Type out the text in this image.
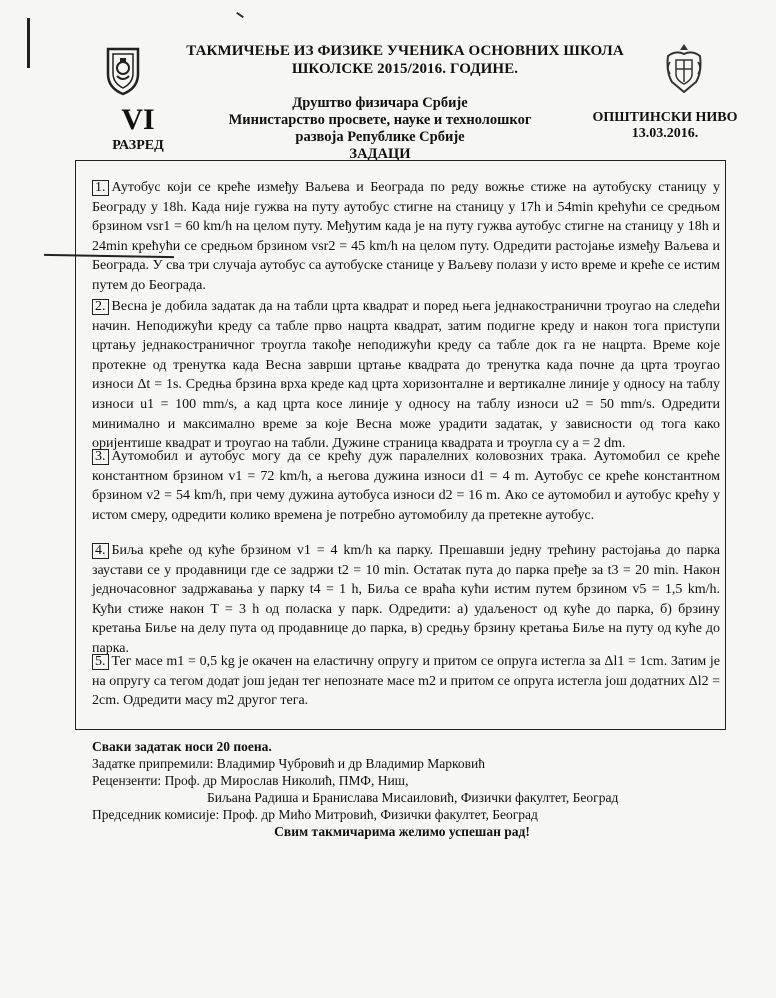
ТАКМИЧЕЊЕ ИЗ ФИЗИКЕ УЧЕНИКА ОСНОВНИХ ШКОЛА
ШКОЛСКЕ 2015/2016. ГОДИНЕ.
VI
РАЗРЕД
Друштво физичара Србије
Министарство просвете, науке и технолошког
развоја Републике Србије
ЗАДАЦИ
ОПШТИНСКИ НИВО
13.03.2016.
1. Аутобус који се креће између Ваљева и Београда по реду вожње стиже на аутобуску станицу у Београду у 18h. Када није гужва на путу аутобус стигне на станицу у 17h и 54min крећући се средњом брзином vsr1 = 60 km/h на целом путу. Међутим када је на путу гужва аутобус стигне на станицу у 18h и 24min крећући се средњом брзином vsr2 = 45 km/h на целом путу. Одредити растојање између Ваљева и Београда. У сва три случаја аутобус са аутобуске станице у Ваљеву полази у исто време и креће се истим путем до Београда.
2. Весна је добила задатак да на табли црта квадрат и поред њега једнакостранични троугао на следећи начин. Неподижући креду са табле прво нацрта квадрат, затим подигне креду и након тога приступи цртању једнакостраничног троугла такође неподижући креду са табле док га не нацрта. Време које протекне од тренутка када Весна заврши цртање квадрата до тренутка када почне да црта троугао износи Δt = 1s. Средња брзина врха креде кад црта хоризонталне и вертикалне линије у односу на таблу износи u1 = 100 mm/s, а кад црта косе линије у односу на таблу износи u2 = 50 mm/s. Одредити минимално и максимално време за које Весна може урадити задатак, у зависности од тога како оријентише квадрат и троугао на табли. Дужине страница квадрата и троугла су a = 2 dm.
3. Аутомобил и аутобус могу да се крећу дуж паралелних коловозних трака. Аутомобил се креће константном брзином v1 = 72 km/h, а његова дужина износи d1 = 4 m. Аутобус се креће константном брзином v2 = 54 km/h, при чему дужина аутобуса износи d2 = 16 m. Ако се аутомобил и аутобус крећу у истом смеру, одредити колико времена је потребно аутомобилу да претекне аутобус.
4. Биља креће од куће брзином v1 = 4 km/h ка парку. Прешавши једну трећину растојања до парка заустави се у продавници где се задржи t2 = 10 min. Остатак пута до парка пређе за t3 = 20 min. Након једночасовног задржавања у парку t4 = 1 h, Биља се враћа кући истим путем брзином v5 = 1,5 km/h. Кући стиже након T = 3 h од поласка у парк. Одредити: а) удаљеност од куће до парка, б) брзину кретања Биље на делу пута од продавнице до парка, в) средњу брзину кретања Биље на путу од куће до парка.
5. Тег масе m1 = 0,5 kg је окачен на еластичну опругу и притом се опруга истегла за Δl1 = 1cm. Затим је на опругу са тегом додат још један тег непознате масе m2 и притом се опруга истегла још додатних Δl2 = 2cm. Одредити масу m2 другог тега.
Сваки задатак носи 20 поена.
Задатке припремили: Владимир Чубровић и др Владимир Марковић
Рецензенти: Проф. др Мирослав Николић, ПМФ, Ниш,
Биљана Радиша и Бранислава Мисаиловић, Физички факултет, Београд
Председник комисије: Проф. др Мићо Митровић, Физички факултет, Београд
Свим такмичарима желимо успешан рад!
